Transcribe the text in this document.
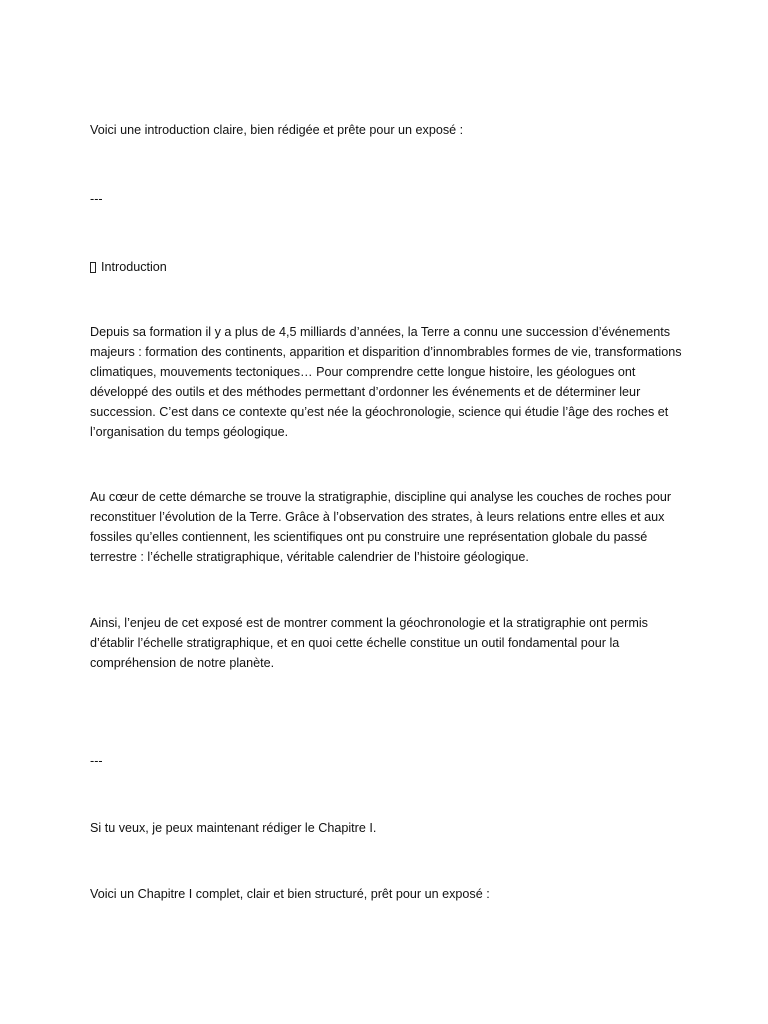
Voici une introduction claire, bien rédigée et prête pour un exposé :
---
Introduction
Depuis sa formation il y a plus de 4,5 milliards d’années, la Terre a connu une succession d’événements majeurs : formation des continents, apparition et disparition d’innombrables formes de vie, transformations climatiques, mouvements tectoniques… Pour comprendre cette longue histoire, les géologues ont développé des outils et des méthodes permettant d’ordonner les événements et de déterminer leur succession. C’est dans ce contexte qu’est née la géochronologie, science qui étudie l’âge des roches et l’organisation du temps géologique.
Au cœur de cette démarche se trouve la stratigraphie, discipline qui analyse les couches de roches pour reconstituer l’évolution de la Terre. Grâce à l’observation des strates, à leurs relations entre elles et aux fossiles qu’elles contiennent, les scientifiques ont pu construire une représentation globale du passé terrestre : l’échelle stratigraphique, véritable calendrier de l’histoire géologique.
Ainsi, l’enjeu de cet exposé est de montrer comment la géochronologie et la stratigraphie ont permis d’établir l’échelle stratigraphique, et en quoi cette échelle constitue un outil fondamental pour la compréhension de notre planète.
---
Si tu veux, je peux maintenant rédiger le Chapitre I.
Voici un Chapitre I complet, clair et bien structuré, prêt pour un exposé :
